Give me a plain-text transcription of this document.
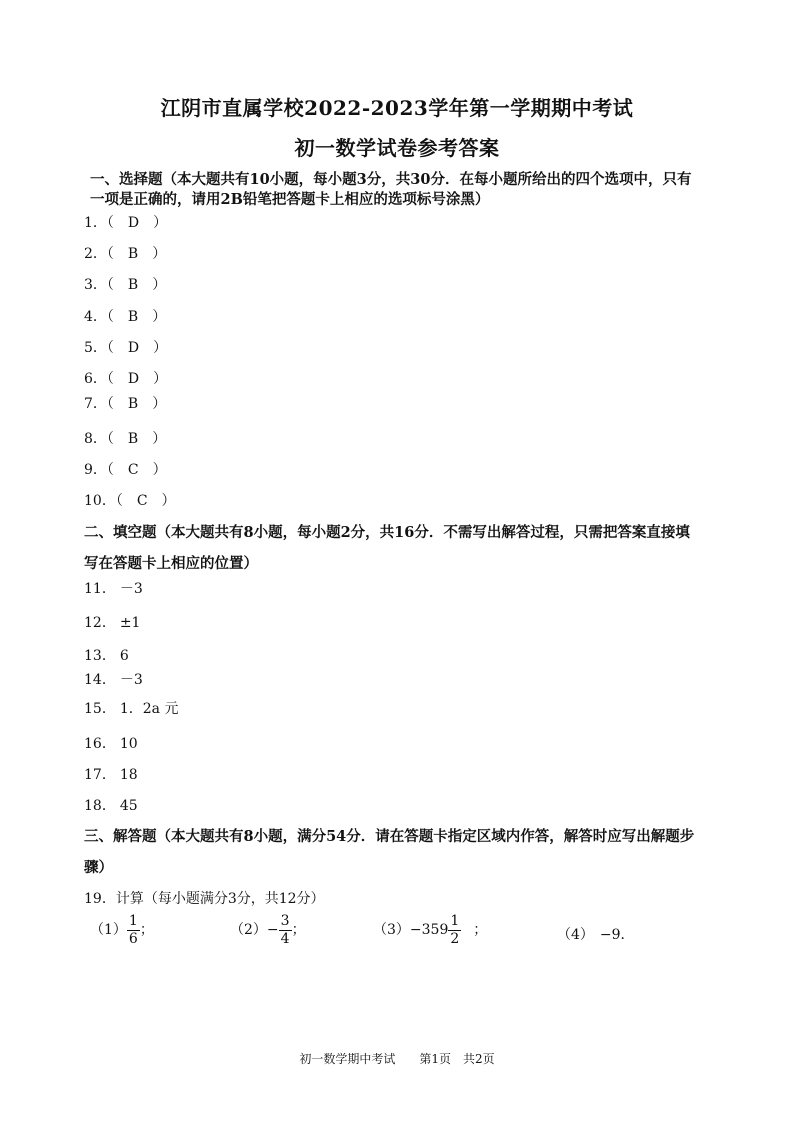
江阴市直属学校2022-2023学年第一学期期中考试
初一数学试卷参考答案
一、选择题（本大题共有10小题，每小题3分，共30分．在每小题所给出的四个选项中，只有
一项是正确的，请用2B铅笔把答题卡上相应的选项标号涂黑）
1．（ D ）
2．（ B ）
3．（ B ）
4．（ B ）
5．（ D ）
6．（ D ）
7．（ B ）
8．（ B ）
9．（ C ）
10．（ C ）
二、填空题（本大题共有8小题，每小题2分，共16分．不需写出解答过程，只需把答案直接填
写在答题卡上相应的位置）
11． －3
12． ±1
13． 6
14． －3
15． 1．2a 元
16． 10
17． 18
18． 45
三、解答题（本大题共有8小题，满分54分．请在答题卡指定区域内作答，解答时应写出解题步
骤）
19．计算（每小题满分3分，共12分）
$(1) \frac{1}{6}$ ；	$(2)- \frac{3}{4}$ ；	$(3)-359 \frac{1}{2}$ ；	（4） −9．
初一数学期中考试　　第1页　共2页
